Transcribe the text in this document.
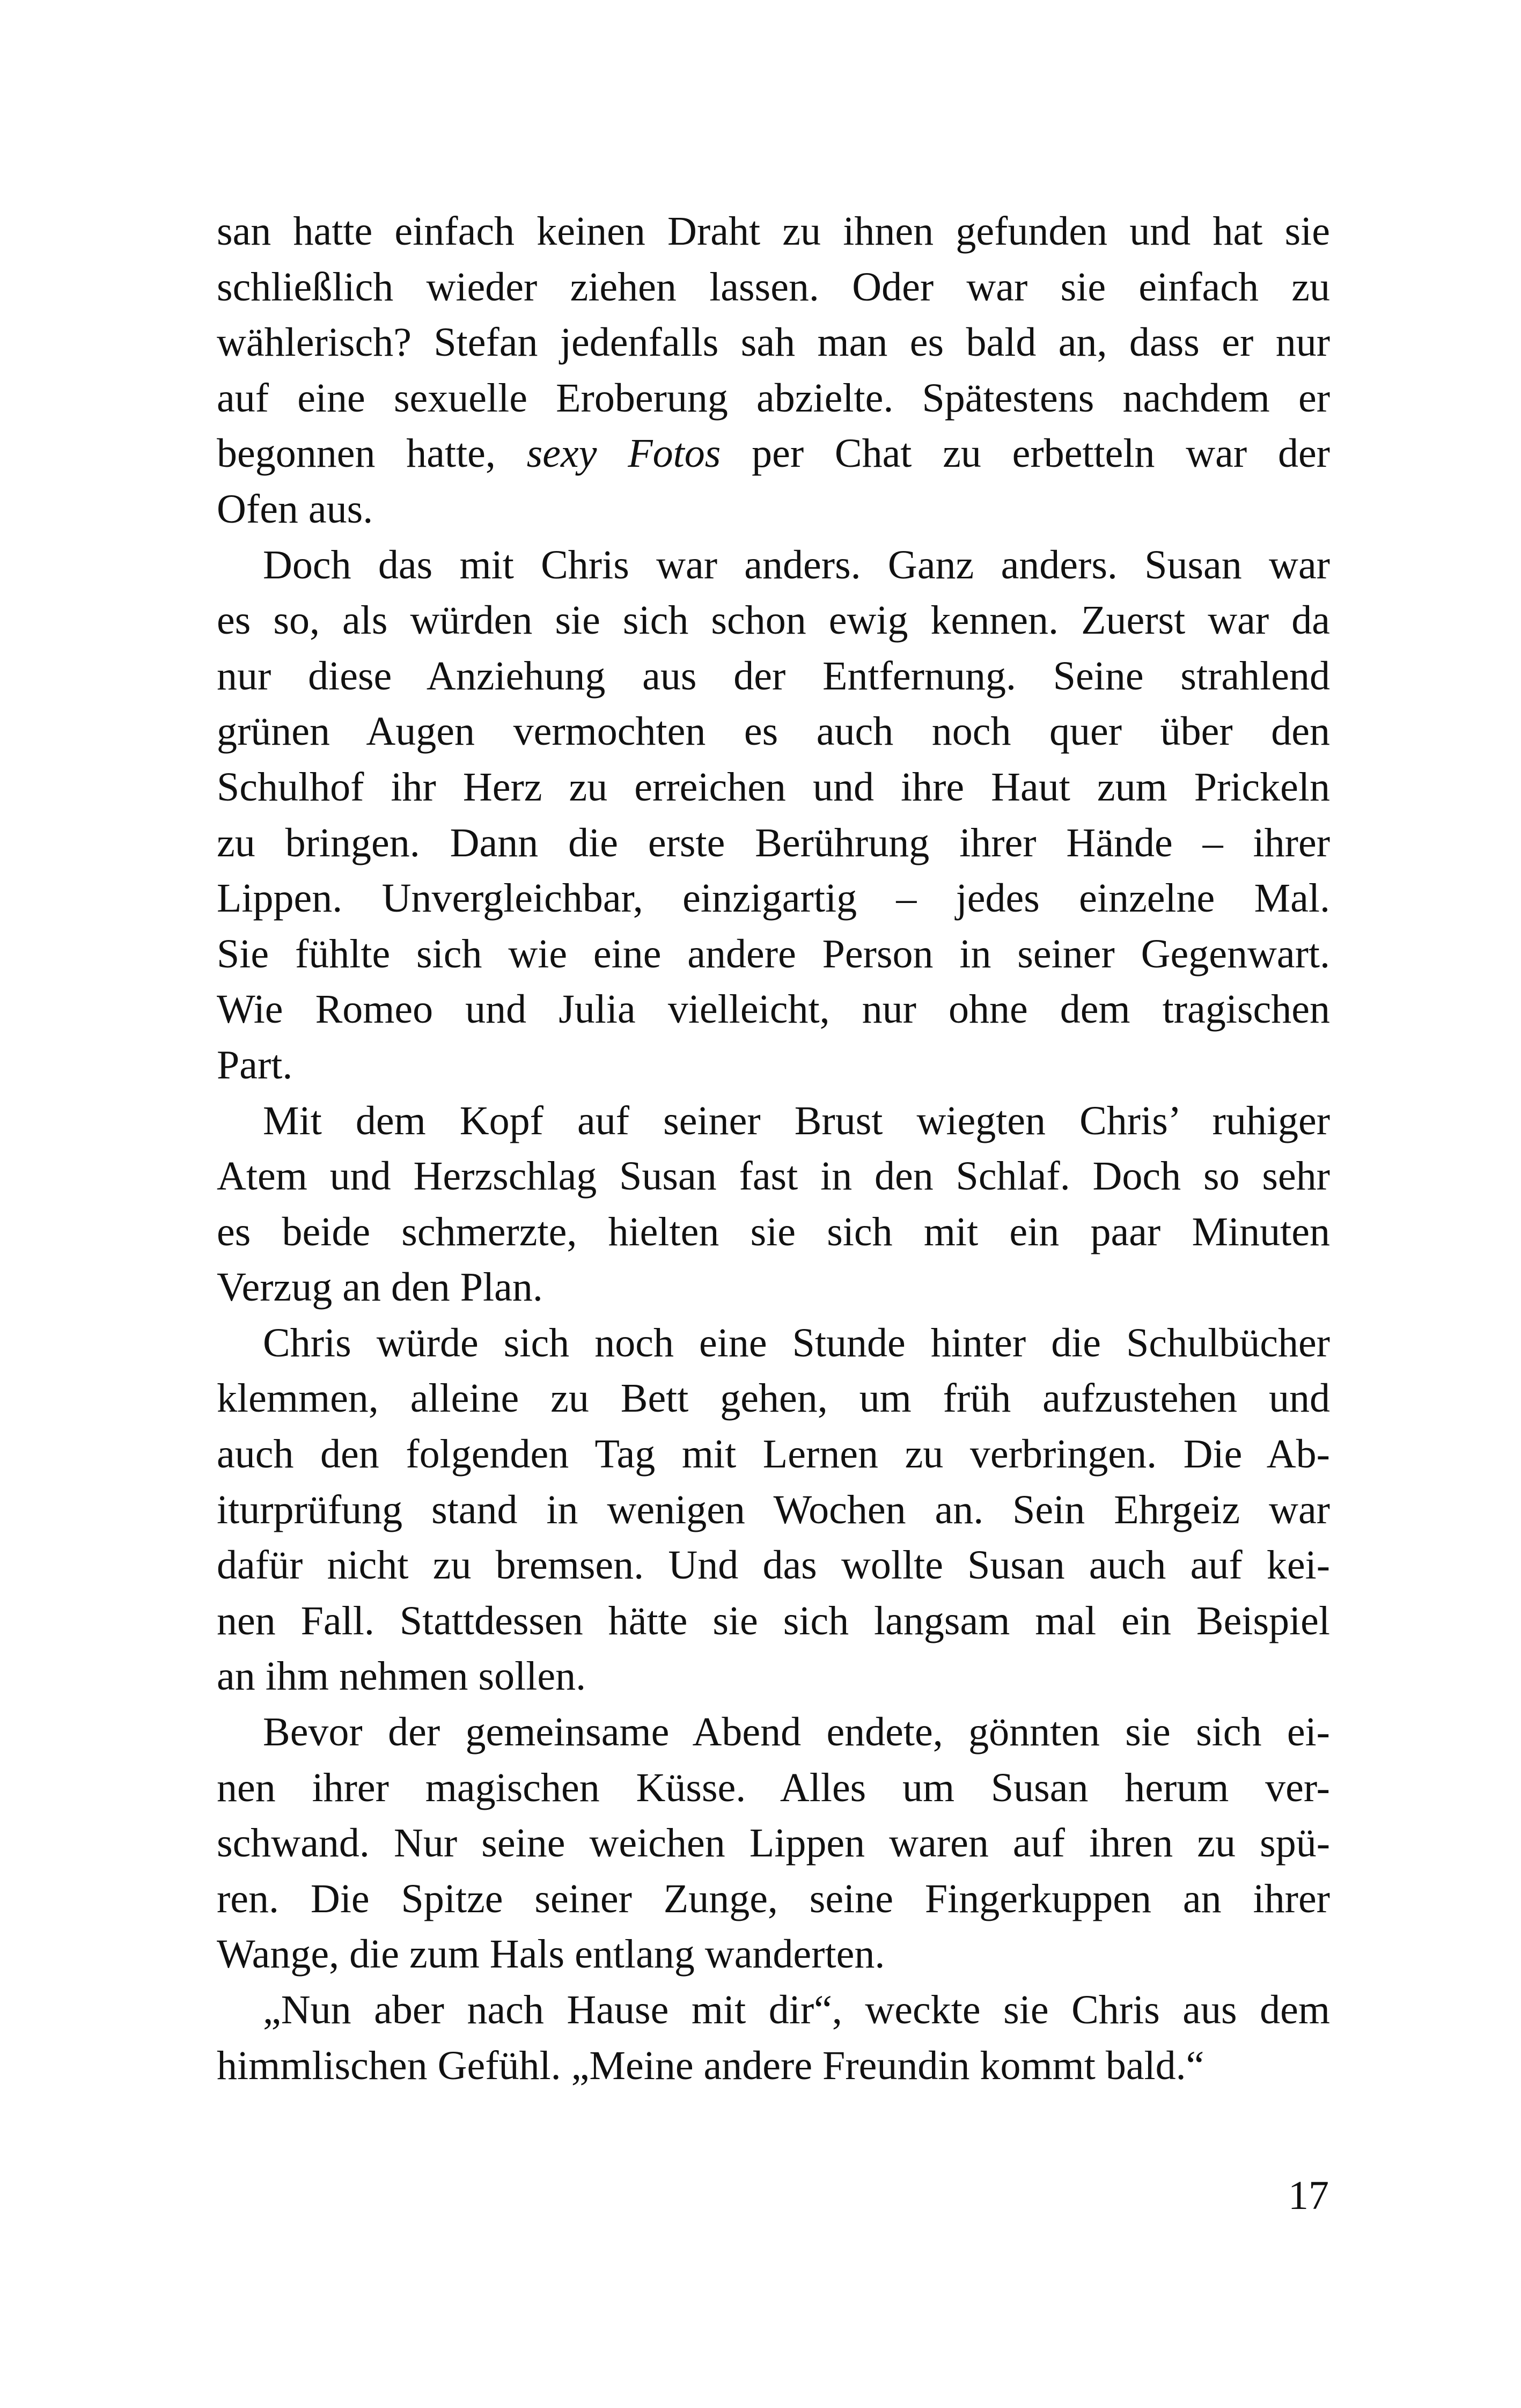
san hatte einfach keinen Draht zu ihnen gefunden und hat sie
schließlich wieder ziehen lassen. Oder war sie einfach zu
wählerisch? Stefan jedenfalls sah man es bald an, dass er nur
auf eine sexuelle Eroberung abzielte. Spätestens nachdem er
begonnen hatte, sexy Fotos per Chat zu erbetteln war der
Ofen aus.
Doch das mit Chris war anders. Ganz anders. Susan war
es so, als würden sie sich schon ewig kennen. Zuerst war da
nur diese Anziehung aus der Entfernung. Seine strahlend
grünen Augen vermochten es auch noch quer über den
Schulhof ihr Herz zu erreichen und ihre Haut zum Prickeln
zu bringen. Dann die erste Berührung ihrer Hände – ihrer
Lippen. Unvergleichbar, einzigartig – jedes einzelne Mal.
Sie fühlte sich wie eine andere Person in seiner Gegenwart.
Wie Romeo und Julia vielleicht, nur ohne dem tragischen
Part.
Mit dem Kopf auf seiner Brust wiegten Chris’ ruhiger
Atem und Herzschlag Susan fast in den Schlaf. Doch so sehr
es beide schmerzte, hielten sie sich mit ein paar Minuten
Verzug an den Plan.
Chris würde sich noch eine Stunde hinter die Schulbücher
klemmen, alleine zu Bett gehen, um früh aufzustehen und
auch den folgenden Tag mit Lernen zu verbringen. Die Ab-
iturprüfung stand in wenigen Wochen an. Sein Ehrgeiz war
dafür nicht zu bremsen. Und das wollte Susan auch auf kei-
nen Fall. Stattdessen hätte sie sich langsam mal ein Beispiel
an ihm nehmen sollen.
Bevor der gemeinsame Abend endete, gönnten sie sich ei-
nen ihrer magischen Küsse. Alles um Susan herum ver-
schwand. Nur seine weichen Lippen waren auf ihren zu spü-
ren. Die Spitze seiner Zunge, seine Fingerkuppen an ihrer
Wange, die zum Hals entlang wanderten.
„Nun aber nach Hause mit dir“, weckte sie Chris aus dem
himmlischen Gefühl. „Meine andere Freundin kommt bald.“
17
